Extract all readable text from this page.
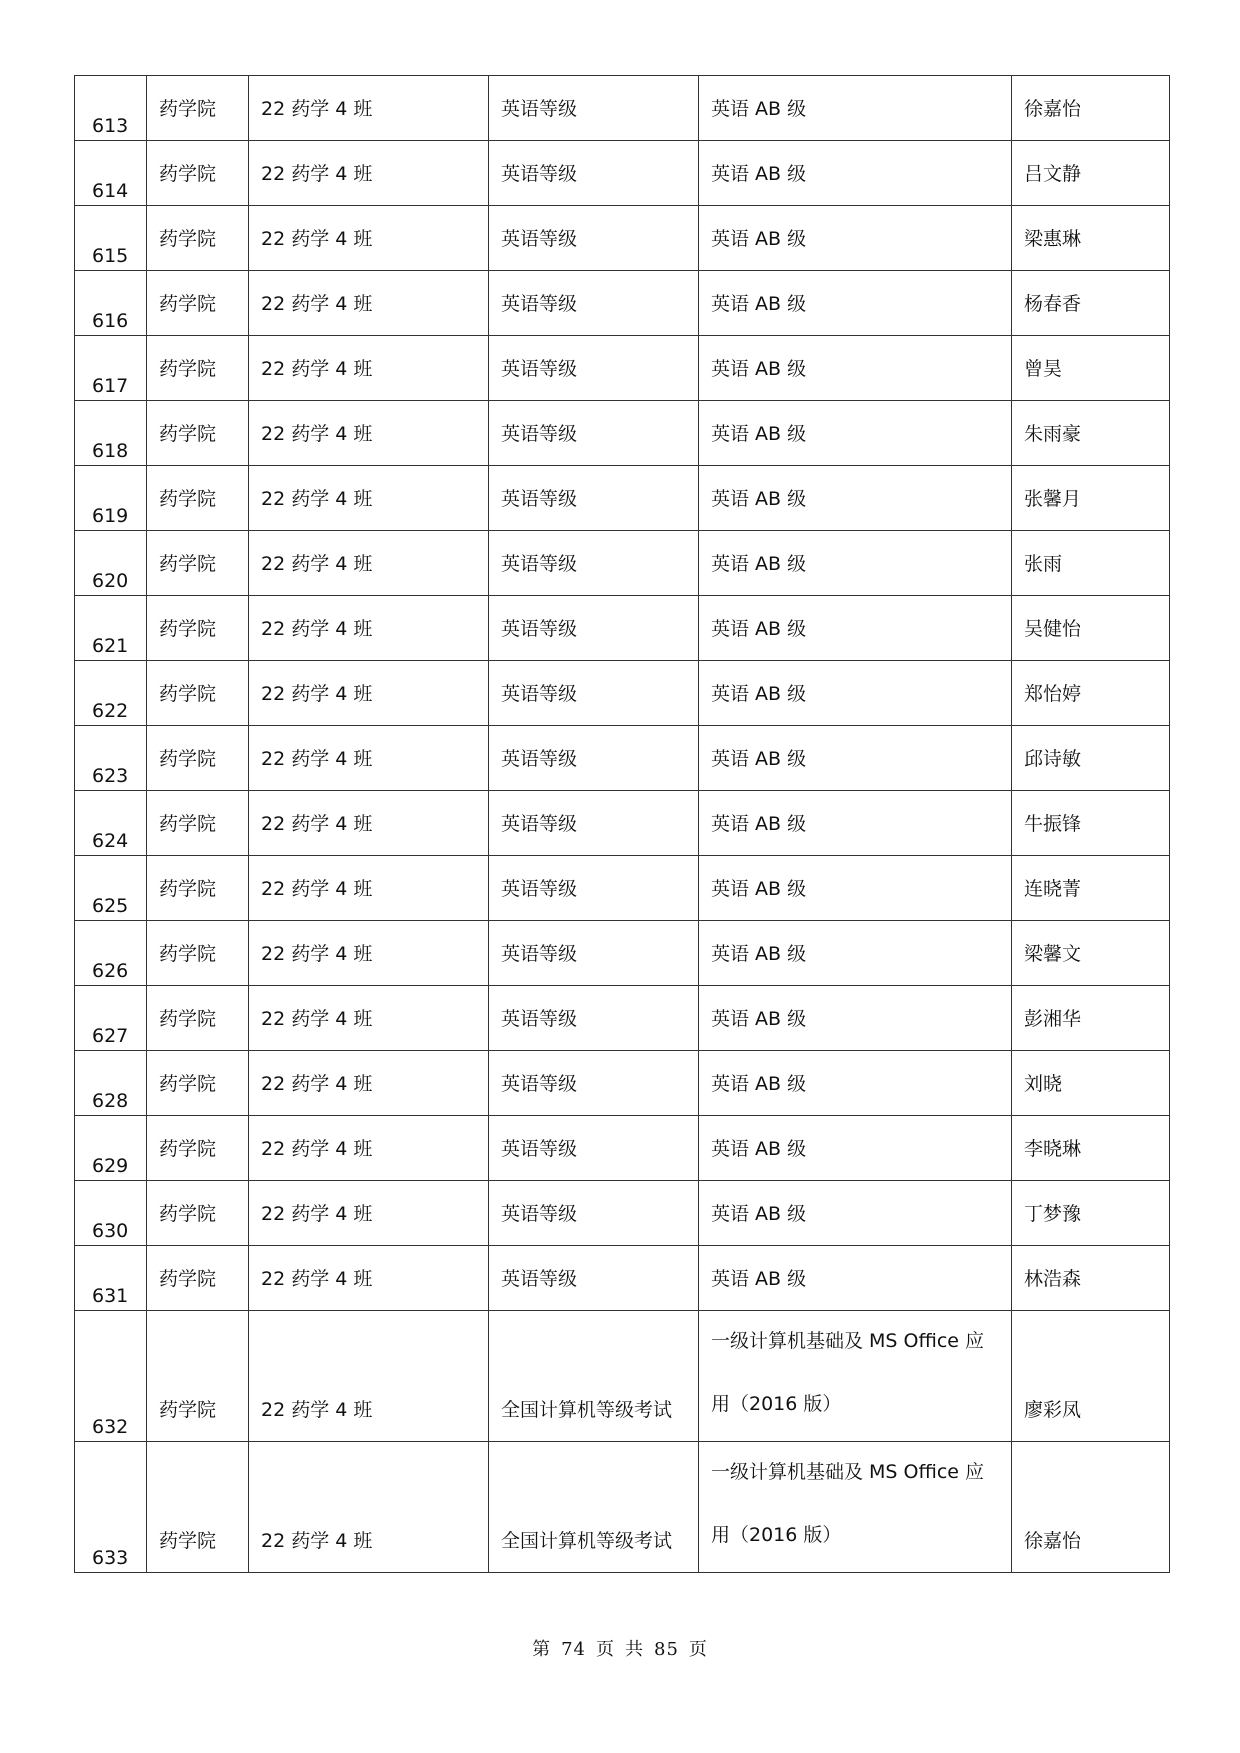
613	药学院	22 药学 4 班	英语等级	英语 AB 级	徐嘉怡
614	药学院	22 药学 4 班	英语等级	英语 AB 级	吕文静
615	药学院	22 药学 4 班	英语等级	英语 AB 级	梁惠琳
616	药学院	22 药学 4 班	英语等级	英语 AB 级	杨春香
617	药学院	22 药学 4 班	英语等级	英语 AB 级	曾昊
618	药学院	22 药学 4 班	英语等级	英语 AB 级	朱雨豪
619	药学院	22 药学 4 班	英语等级	英语 AB 级	张馨月
620	药学院	22 药学 4 班	英语等级	英语 AB 级	张雨
621	药学院	22 药学 4 班	英语等级	英语 AB 级	吴健怡
622	药学院	22 药学 4 班	英语等级	英语 AB 级	郑怡婷
623	药学院	22 药学 4 班	英语等级	英语 AB 级	邱诗敏
624	药学院	22 药学 4 班	英语等级	英语 AB 级	牛振锋
625	药学院	22 药学 4 班	英语等级	英语 AB 级	连晓菁
626	药学院	22 药学 4 班	英语等级	英语 AB 级	梁馨文
627	药学院	22 药学 4 班	英语等级	英语 AB 级	彭湘华
628	药学院	22 药学 4 班	英语等级	英语 AB 级	刘晓
629	药学院	22 药学 4 班	英语等级	英语 AB 级	李晓琳
630	药学院	22 药学 4 班	英语等级	英语 AB 级	丁梦豫
631	药学院	22 药学 4 班	英语等级	英语 AB 级	林浩森
632	药学院	22 药学 4 班	全国计算机等级考试	一级计算机基础及 MS Office 应
用（2016 版）	廖彩凤
633	药学院	22 药学 4 班	全国计算机等级考试	一级计算机基础及 MS Office 应
用（2016 版）	徐嘉怡
第 74 页 共 85 页
